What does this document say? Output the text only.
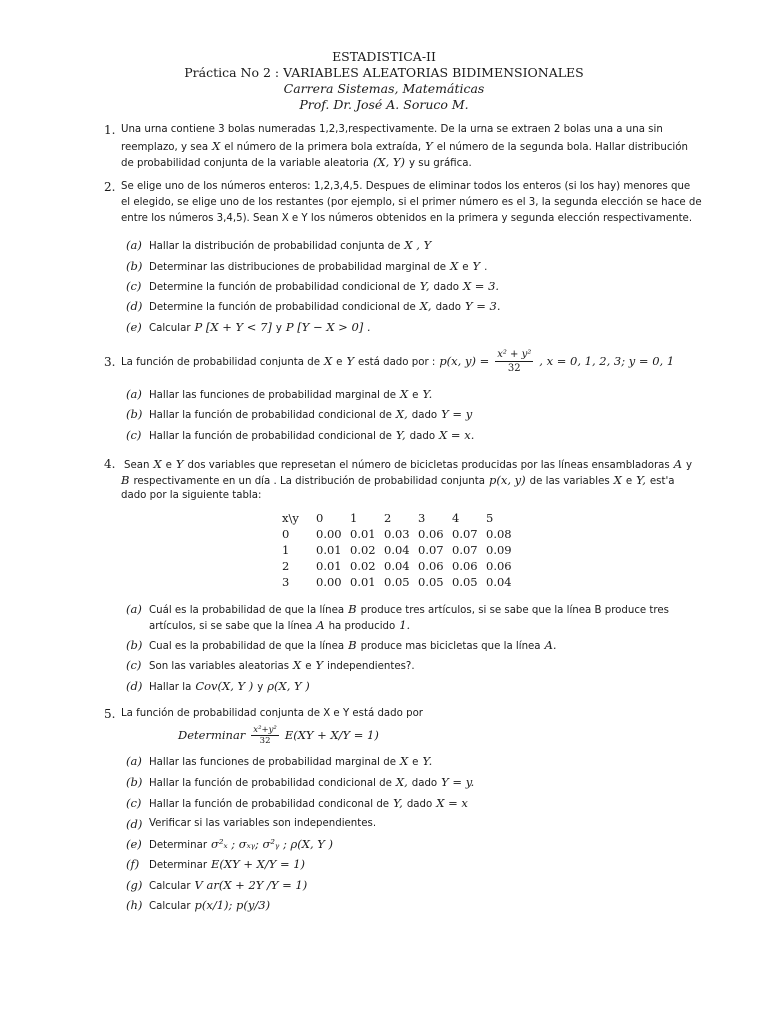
ESTADISTICA-II
Práctica No 2 : VARIABLES ALEATORIAS BIDIMENSIONALES
Carrera Sistemas, Matemáticas
Prof. Dr. José A. Soruco M.
1. Una urna contiene 3 bolas numeradas 1,2,3,respectivamente. De la urna se extraen 2 bolas una a una sin
reemplazo, y sea X el número de la primera bola extraída, Y el número de la segunda bola. Hallar distribución
de probabilidad conjunta de la variable aleatoria (X, Y) y su gráfica.
2. Se elige uno de los números enteros: 1,2,3,4,5. Despues de eliminar todos los enteros (si los hay) menores que
el elegido, se elige uno de los restantes (por ejemplo, si el primer número es el 3, la segunda elección se hace de
entre los números 3,4,5). Sean X e Y los números obtenidos en la primera y segunda elección respectivamente.
(a) Hallar la distribución de probabilidad conjunta de X , Y
(b) Determinar las distribuciones de probabilidad marginal de X e Y .
(c) Determine la función de probabilidad condicional de Y, dado X = 3.
(d) Determine la función de probabilidad condicional de X, dado Y = 3.
(e) Calcular P [X + Y < 7] y P [Y − X > 0] .
3. La función de probabilidad conjunta de X e Y está dado por : p(x, $y) = \frac{\text{x² + y²}}{32}$ , x = 0, 1, 2, 3; y = 0, 1
(a) Hallar las funciones de probabilidad marginal de X e Y.
(b) Hallar la función de probabilidad condicional de X, dado Y = y
(c) Hallar la función de probabilidad condicional de Y, dado X = x.
4. Sean X e Y dos variables que represetan el número de bicicletas producidas por las líneas ensambladoras A y
B respectivamente en un día . La distribución de probabilidad conjunta p(x, y) de las variables X e Y, est'a
dado por la siguiente tabla:
x\y	0	1	2	3	4	5
0	0.00	0.01	0.03	0.06	0.07	0.08
1	0.01	0.02	0.04	0.07	0.07	0.09
2	0.01	0.02	0.04	0.06	0.06	0.06
3	0.00	0.01	0.05	0.05	0.05	0.04
(a) Cuál es la probabilidad de que la línea B produce tres artículos, si se sabe que la línea B produce tres
artículos, si se sabe que la línea A ha producido 1.
(b) Cual es la probabilidad de que la línea B produce mas bicicletas que la línea A.
(c) Son las variables aleatorias X e Y independientes?.
(d) Hallar la Cov(X, Y ) y ρ(X, Y )
5. La función de probabilidad conjunta de X e Y está dado por
Determinar $\frac{\text{x²+y²}}{32} E(XY + X/Y = 1)$
(a) Hallar las funciones de probabilidad marginal de X e Y.
(b) Hallar la función de probabilidad condicional de X, dado Y = y.
(c) Hallar la función de probabilidad condiconal de Y, dado X = x
(d) Verificar si las variables son independientes.
(e) Determinar σ²ₓ ; σₓᵧ; σ²ᵧ ; ρ(X, Y )
(f) Determinar E(XY + X/Y = 1)
(g) Calcular V ar(X + 2Y /Y = 1)
(h) Calcular p(x/1); p(y/3)
